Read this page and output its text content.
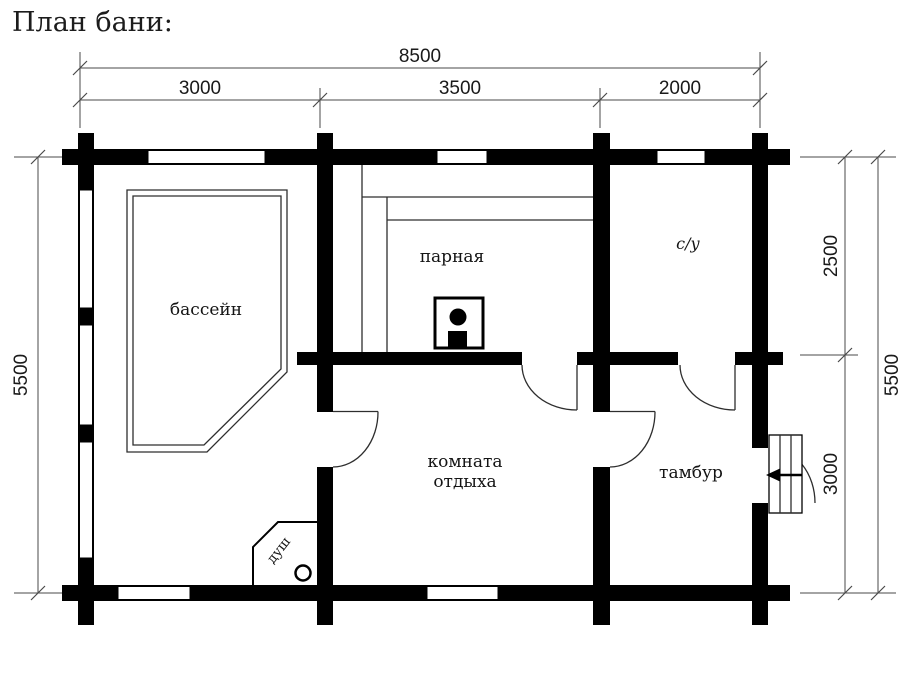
План бани:
8500
3000	3500	2000
5500
2500
3000
5500
бассейн
парная
с/у
комната
отдыха	тамбур
душ
